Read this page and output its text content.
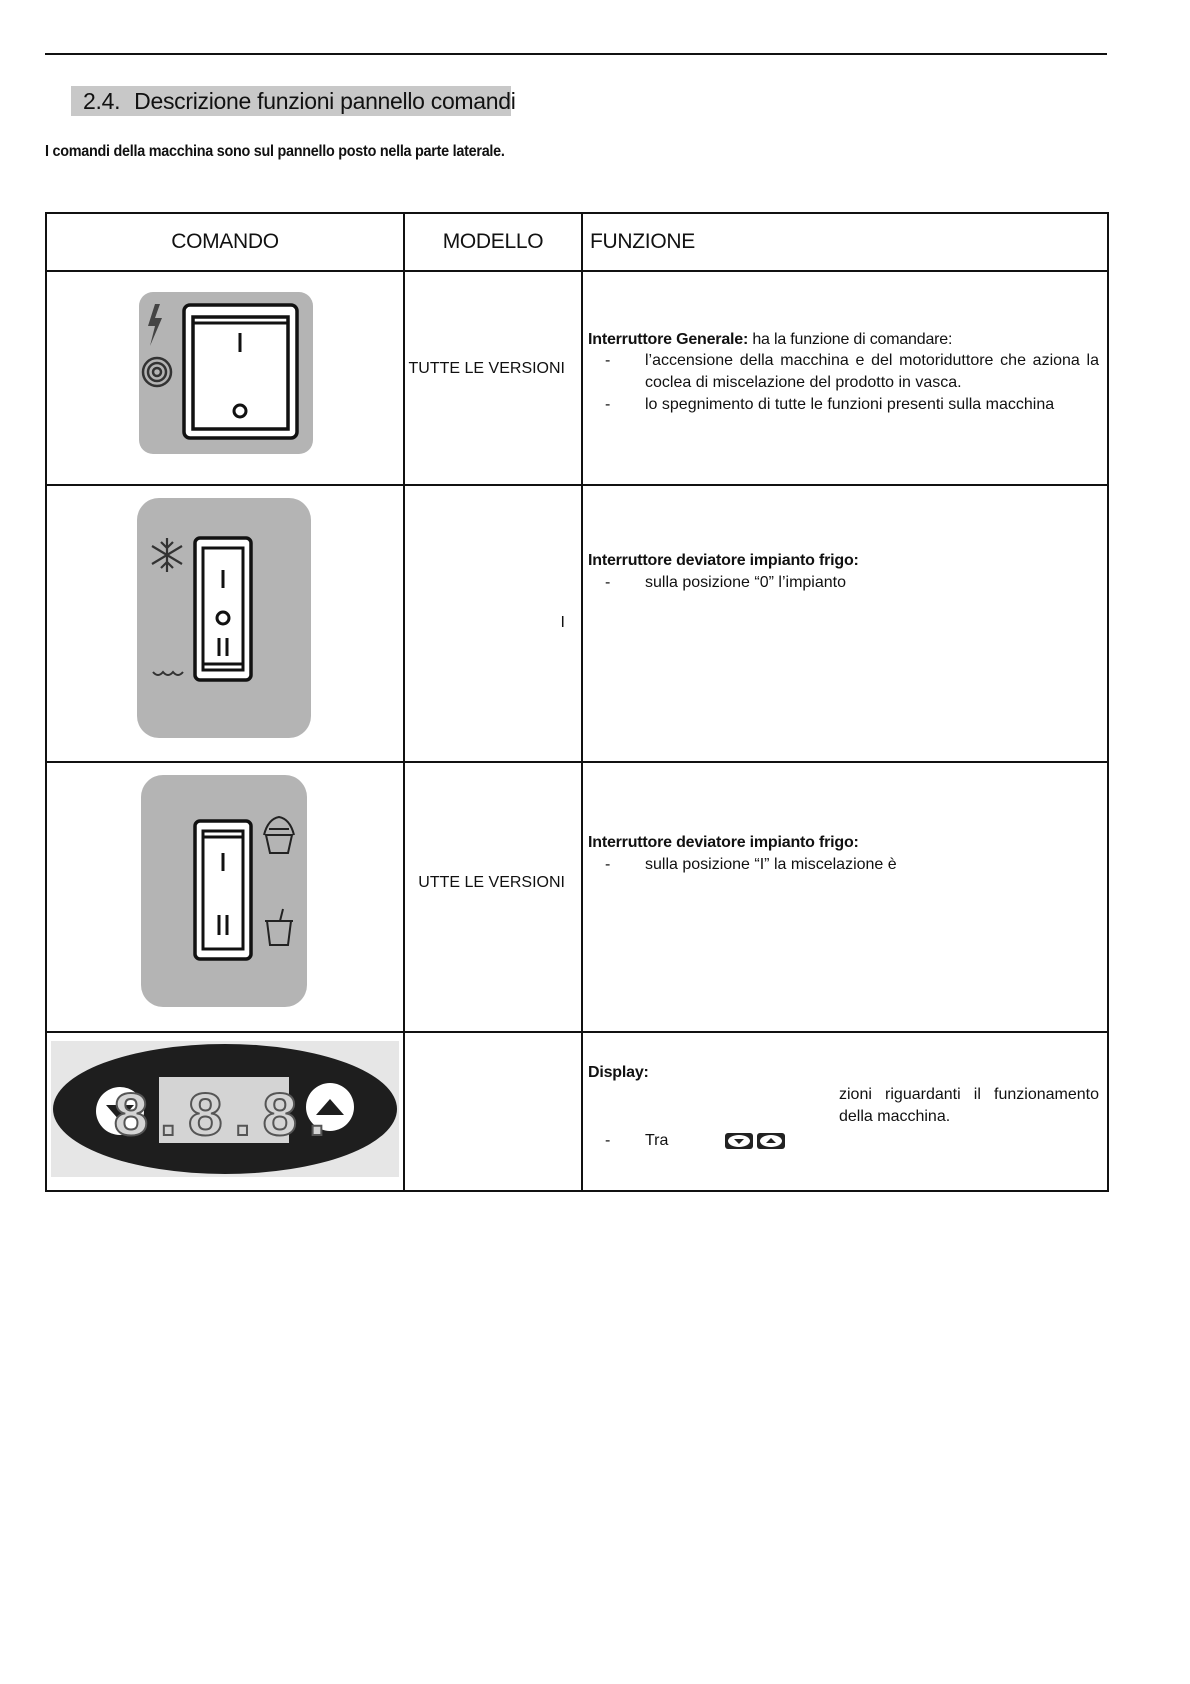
2.4. Descrizione funzioni pannello comandi
I comandi della macchina sono sul pannello posto nella parte laterale.
COMANDO	MODELLO	FUNZIONE
TUTTE LE VERSIONI
Interruttore Generale: ha la funzione di comandare:
- l’accensione della macchina e del motoriduttore che aziona la coclea di miscelazione del prodotto in vasca.
- lo spegnimento di tutte le funzioni presenti sulla macchina
I
Interruttore deviatore impianto frigo:
- sulla posizione “0” l’impianto
UTTE LE VERSIONI
Interruttore deviatore impianto frigo:
- sulla posizione “I” la miscelazione è
8.8.8.
Display:
zioni riguardanti il funzionamento della macchina.
- Tra
